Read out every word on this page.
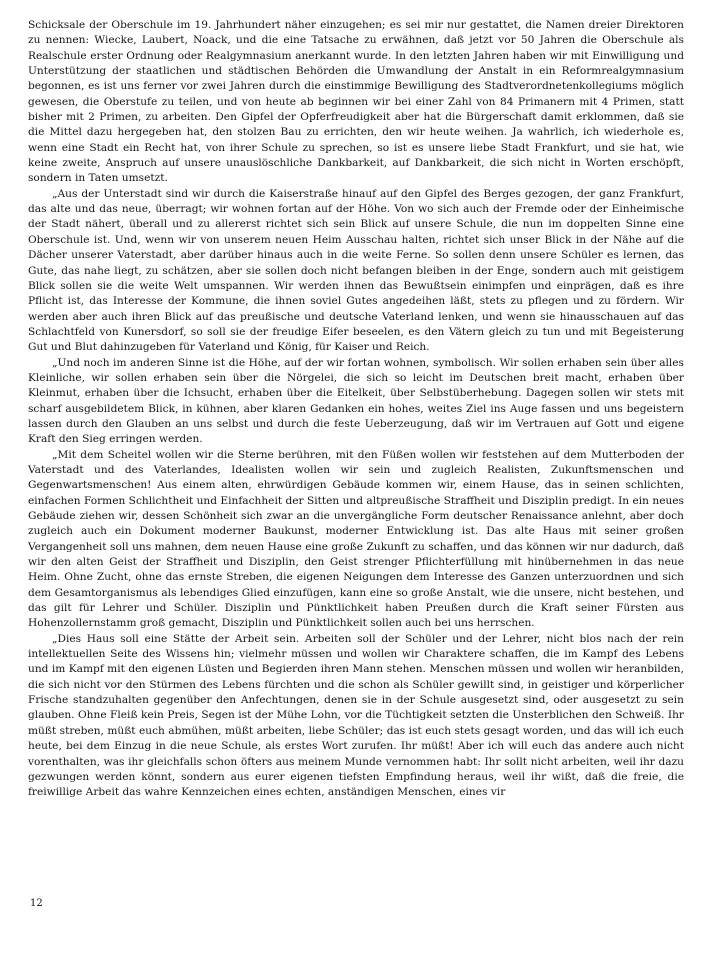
Schicksale der Oberschule im 19. Jahrhundert näher einzugehen; es sei mir nur gestattet, die Namen dreier Direktoren zu nennen: Wiecke, Laubert, Noack, und die eine Tatsache zu erwähnen, daß jetzt vor 50 Jahren die Oberschule als Realschule erster Ordnung oder Realgymnasium anerkannt wurde. In den letzten Jahren haben wir mit Einwilligung und Unterstützung der staatlichen und städtischen Behörden die Umwandlung der Anstalt in ein Reformrealgymnasium begonnen, es ist uns ferner vor zwei Jahren durch die einstimmige Bewilligung des Stadtverordnetenkollegiums möglich gewesen, die Oberstufe zu teilen, und von heute ab beginnen wir bei einer Zahl von 84 Primanern mit 4 Primen, statt bisher mit 2 Primen, zu arbeiten. Den Gipfel der Opferfreudigkeit aber hat die Bürgerschaft damit erklommen, daß sie die Mittel dazu hergegeben hat, den stolzen Bau zu errichten, den wir heute weihen. Ja wahrlich, ich wiederhole es, wenn eine Stadt ein Recht hat, von ihrer Schule zu sprechen, so ist es unsere liebe Stadt Frankfurt, und sie hat, wie keine zweite, Anspruch auf unsere unauslöschliche Dankbarkeit, auf Dankbarkeit, die sich nicht in Worten erschöpft, sondern in Taten umsetzt.

„Aus der Unterstadt sind wir durch die Kaiserstraße hinauf auf den Gipfel des Berges gezogen, der ganz Frankfurt, das alte und das neue, überragt; wir wohnen fortan auf der Höhe. Von wo sich auch der Fremde oder der Einheimische der Stadt nähert, überall und zu allererst richtet sich sein Blick auf unsere Schule, die nun im doppelten Sinne eine Oberschule ist. Und, wenn wir von unserem neuen Heim Ausschau halten, richtet sich unser Blick in der Nähe auf die Dächer unserer Vaterstadt, aber darüber hinaus auch in die weite Ferne. So sollen denn unsere Schüler es lernen, das Gute, das nahe liegt, zu schätzen, aber sie sollen doch nicht befangen bleiben in der Enge, sondern auch mit geistigem Blick sollen sie die weite Welt umspannen. Wir werden ihnen das Bewußtsein einimpfen und einprägen, daß es ihre Pflicht ist, das Interesse der Kommune, die ihnen soviel Gutes angedeihen läßt, stets zu pflegen und zu fördern. Wir werden aber auch ihren Blick auf das preußische und deutsche Vaterland lenken, und wenn sie hinausschauen auf das Schlachtfeld von Kunersdorf, so soll sie der freudige Eifer beseelen, es den Vätern gleich zu tun und mit Begeisterung Gut und Blut dahinzugeben für Vaterland und König, für Kaiser und Reich.

„Und noch im anderen Sinne ist die Höhe, auf der wir fortan wohnen, symbolisch. Wir sollen erhaben sein über alles Kleinliche, wir sollen erhaben sein über die Nörgelei, die sich so leicht im Deutschen breit macht, erhaben über Kleinmut, erhaben über die Ichsucht, erhaben über die Eitelkeit, über Selbstüberhebung. Dagegen sollen wir stets mit scharf ausgebildetem Blick, in kühnen, aber klaren Gedanken ein hohes, weites Ziel ins Auge fassen und uns begeistern lassen durch den Glauben an uns selbst und durch die feste Ueberzeugung, daß wir im Vertrauen auf Gott und eigene Kraft den Sieg erringen werden.

„Mit dem Scheitel wollen wir die Sterne berühren, mit den Füßen wollen wir feststehen auf dem Mutterboden der Vaterstadt und des Vaterlandes, Idealisten wollen wir sein und zugleich Realisten, Zukunftsmenschen und Gegenwartsmenschen! Aus einem alten, ehrwürdigen Gebäude kommen wir, einem Hause, das in seinen schlichten, einfachen Formen Schlichtheit und Einfachheit der Sitten und altpreußische Straffheit und Disziplin predigt. In ein neues Gebäude ziehen wir, dessen Schönheit sich zwar an die unvergängliche Form deutscher Renaissance anlehnt, aber doch zugleich auch ein Dokument moderner Baukunst, moderner Entwicklung ist. Das alte Haus mit seiner großen Vergangenheit soll uns mahnen, dem neuen Hause eine große Zukunft zu schaffen, und das können wir nur dadurch, daß wir den alten Geist der Straffheit und Disziplin, den Geist strenger Pflichterfüllung mit hinübernehmen in das neue Heim. Ohne Zucht, ohne das ernste Streben, die eigenen Neigungen dem Interesse des Ganzen unterzuordnen und sich dem Gesamtorganismus als lebendiges Glied einzufügen, kann eine so große Anstalt, wie die unsere, nicht bestehen, und das gilt für Lehrer und Schüler. Disziplin und Pünktlichkeit haben Preußen durch die Kraft seiner Fürsten aus Hohenzollernstamm groß gemacht, Disziplin und Pünktlichkeit sollen auch bei uns herrschen.

„Dies Haus soll eine Stätte der Arbeit sein. Arbeiten soll der Schüler und der Lehrer, nicht blos nach der rein intellektuellen Seite des Wissens hin; vielmehr müssen und wollen wir Charaktere schaffen, die im Kampf des Lebens und im Kampf mit den eigenen Lüsten und Begierden ihren Mann stehen. Menschen müssen und wollen wir heranbilden, die sich nicht vor den Stürmen des Lebens fürchten und die schon als Schüler gewillt sind, in geistiger und körperlicher Frische standzuhalten gegenüber den Anfechtungen, denen sie in der Schule ausgesetzt sind, oder ausgesetzt zu sein glauben. Ohne Fleiß kein Preis, Segen ist der Mühe Lohn, vor die Tüchtigkeit setzten die Unsterblichen den Schweiß. Ihr müßt streben, müßt euch abmühen, müßt arbeiten, liebe Schüler; das ist euch stets gesagt worden, und das will ich euch heute, bei dem Einzug in die neue Schule, als erstes Wort zurufen. Ihr müßt! Aber ich will euch das andere auch nicht vorenthalten, was ihr gleichfalls schon öfters aus meinem Munde vernommen habt: Ihr sollt nicht arbeiten, weil ihr dazu gezwungen werden könnt, sondern aus eurer eigenen tiefsten Empfindung heraus, weil ihr wißt, daß die freie, die freiwillige Arbeit das wahre Kennzeichen eines echten, anständigen Menschen, eines vir

12
